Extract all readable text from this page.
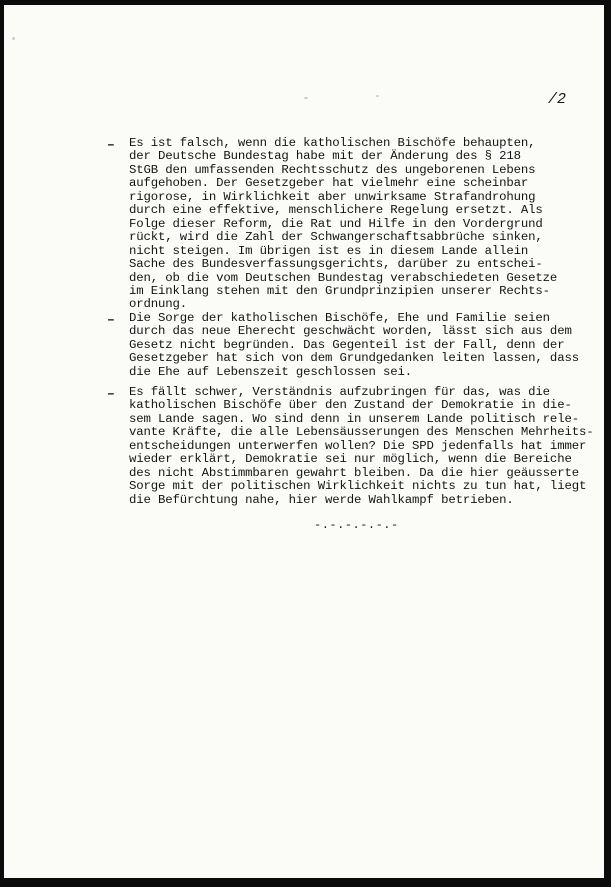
/2
– Es ist falsch, wenn die katholischen Bischöfe behaupten,
der Deutsche Bundestag habe mit der Änderung des § 218
StGB den umfassenden Rechtsschutz des ungeborenen Lebens
aufgehoben. Der Gesetzgeber hat vielmehr eine scheinbar
rigorose, in Wirklichkeit aber unwirksame Strafandrohung
durch eine effektive, menschlichere Regelung ersetzt. Als
Folge dieser Reform, die Rat und Hilfe in den Vordergrund
rückt, wird die Zahl der Schwangerschaftsabbrüche sinken,
nicht steigen. Im übrigen ist es in diesem Lande allein
Sache des Bundesverfassungsgerichts, darüber zu entschei-
den, ob die vom Deutschen Bundestag verabschiedeten Gesetze
im Einklang stehen mit den Grundprinzipien unserer Rechts-
ordnung.
– Die Sorge der katholischen Bischöfe, Ehe und Familie seien
durch das neue Eherecht geschwächt worden, lässt sich aus dem
Gesetz nicht begründen. Das Gegenteil ist der Fall, denn der
Gesetzgeber hat sich von dem Grundgedanken leiten lassen, dass
die Ehe auf Lebenszeit geschlossen sei.
– Es fällt schwer, Verständnis aufzubringen für das, was die
katholischen Bischöfe über den Zustand der Demokratie in die-
sem Lande sagen. Wo sind denn in unserem Lande politisch rele-
vante Kräfte, die alle Lebensäusserungen des Menschen Mehrheits-
entscheidungen unterwerfen wollen? Die SPD jedenfalls hat immer
wieder erklärt, Demokratie sei nur möglich, wenn die Bereiche
des nicht Abstimmbaren gewahrt bleiben. Da die hier geäusserte
Sorge mit der politischen Wirklichkeit nichts zu tun hat, liegt
die Befürchtung nahe, hier werde Wahlkampf betrieben.
-.-.-.-.-.-
